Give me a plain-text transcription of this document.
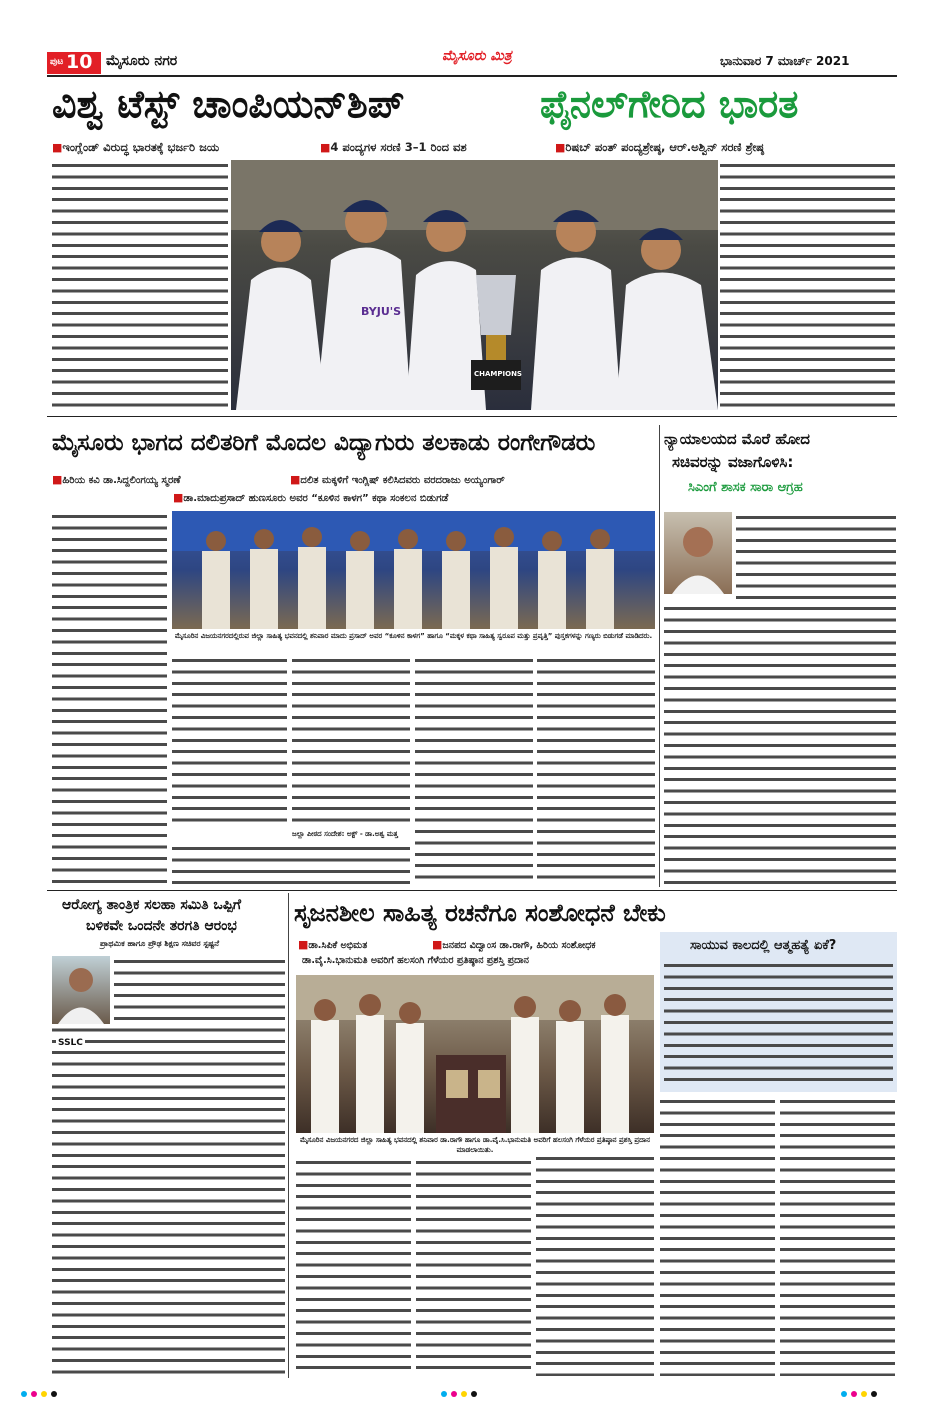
ಪುಟ 10 ಮೈಸೂರು ನಗರ	ಮೈಸೂರು ಮಿತ್ರ	ಭಾನುವಾರ 7 ಮಾರ್ಚ್ 2021
ವಿಶ್ವ ಟೆಸ್ಟ್ ಚಾಂಪಿಯನ್‌ಶಿಪ್	ಫೈನಲ್‌ಗೇರಿದ ಭಾರತ
■ಇಂಗ್ಲೆಂಡ್ ವಿರುದ್ಧ ಭಾರತಕ್ಕೆ ಭರ್ಜರಿ ಜಯ	■4 ಪಂದ್ಯಗಳ ಸರಣಿ 3–1 ರಿಂದ ವಶ	■ರಿಷಬ್ ಪಂತ್ ಪಂದ್ಯಶ್ರೇಷ್ಠ, ಆರ್.ಅಶ್ವಿನ್ ಸರಣಿ ಶ್ರೇಷ್ಠ
BYJU'S
CHAMPIONS
ಮೈಸೂರು ಭಾಗದ ದಲಿತರಿಗೆ ಮೊದಲ ವಿದ್ಯಾಗುರು ತಲಕಾಡು ರಂಗೇಗೌಡರು
■ಹಿರಿಯ ಕವಿ ಡಾ.ಸಿದ್ದಲಿಂಗಯ್ಯ ಸ್ಮರಣೆ	■ದಲಿತ ಮಕ್ಕಳಿಗೆ ಇಂಗ್ಲಿಷ್ ಕಲಿಸಿದವರು ವರದರಾಜು ಅಯ್ಯಂಗಾರ್
■ಡಾ.ಮಾದುಪ್ರಸಾದ್ ಹುಣಸೂರು ಅವರ “ಕೂಳಿನ ಕಾಳಗ” ಕಥಾ ಸಂಕಲನ ಬಿಡುಗಡೆ
ಮೈಸೂರಿನ ವಿಜಯನಗರದಲ್ಲಿರುವ ಜಿಲ್ಲಾ ಸಾಹಿತ್ಯ ಭವನದಲ್ಲಿ ಶನಿವಾರ ಮಾದು ಪ್ರಸಾದ್ ಅವರ “ಕೂಳಿನ ಕಾಳಗ” ಹಾಗೂ “ಮಕ್ಕಳ ಕಥಾ ಸಾಹಿತ್ಯ ಸ್ವರೂಪ ಮತ್ತು ಪ್ರವೃತ್ತಿ” ಪುಸ್ತಕಗಳನ್ನು ಗಣ್ಯರು ಬಿಡುಗಡೆ ಮಾಡಿದರು.
ಜಲ್ಲಾ ಪೀಠದ ಸಂದೇಶ: ಅಕ್ಟ್ - ಡಾ.ಅಶ್ವ ಮತ್ತ
ನ್ಯಾಯಾಲಯದ ಮೊರೆ ಹೋದ
ಸಚಿವರನ್ನು ವಜಾಗೊಳಿಸಿ:
ಸಿಎಂಗೆ ಶಾಸಕ ಸಾರಾ ಆಗ್ರಹ
ಆರೋಗ್ಯ ತಾಂತ್ರಿಕ ಸಲಹಾ ಸಮಿತಿ ಒಪ್ಪಿಗೆ
ಬಳಿಕವೇ ಒಂದನೇ ತರಗತಿ ಆರಂಭ
ಪ್ರಾಥಮಿಕ ಹಾಗೂ ಪ್ರೌಢ ಶಿಕ್ಷಣ ಸಚಿವರ ಸ್ಪಷ್ಟನೆ
SSLC
ಸೃಜನಶೀಲ ಸಾಹಿತ್ಯ ರಚನೆಗೂ ಸಂಶೋಧನೆ ಬೇಕು
■ಡಾ.ಸಿಪಿಕೆ ಅಭಿಮತ	■ಜನಪದ ವಿದ್ವಾಂಸ ಡಾ.ರಾಗೌ, ಹಿರಿಯ ಸಂಶೋಧಕ
ಡಾ.ವೈ.ಸಿ.ಭಾನುಮತಿ ಅವರಿಗೆ ಹಲಸಂಗಿ ಗೆಳೆಯರ ಪ್ರತಿಷ್ಠಾನ ಪ್ರಶಸ್ತಿ ಪ್ರದಾನ
ಮೈಸೂರಿನ ವಿಜಯನಗರದ ಜಿಲ್ಲಾ ಸಾಹಿತ್ಯ ಭವನದಲ್ಲಿ ಶನಿವಾರ ಡಾ.ರಾಗೌ ಹಾಗೂ ಡಾ.ವೈ.ಸಿ.ಭಾನುಮತಿ ಅವರಿಗೆ ಹಲಸಂಗಿ ಗೆಳೆಯರ ಪ್ರತಿಷ್ಠಾನ ಪ್ರಶಸ್ತಿ ಪ್ರದಾನ ಮಾಡಲಾಯಿತು.
ಸಾಯುವ ಕಾಲದಲ್ಲಿ ಆತ್ಮಹತ್ಯೆ ಏಕೆ?
